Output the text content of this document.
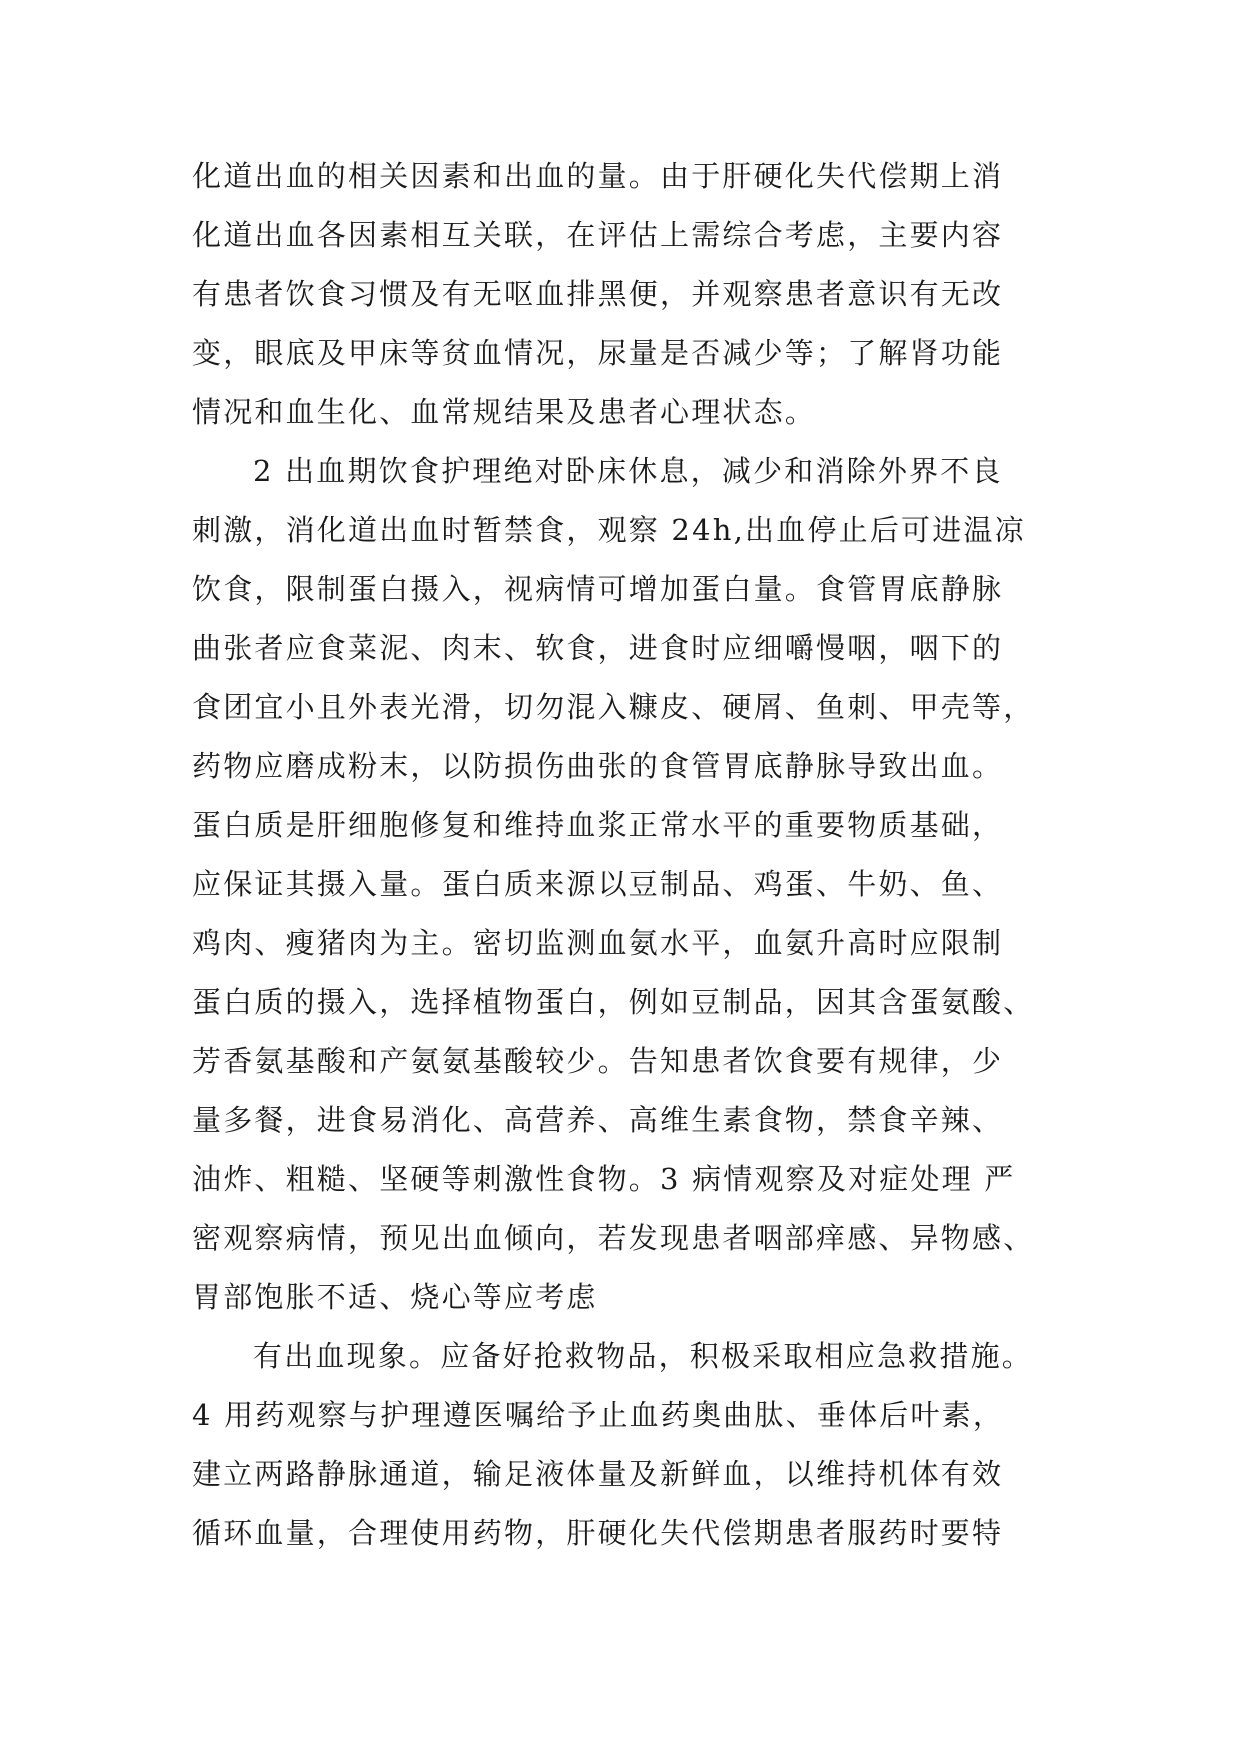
化道出血的相关因素和出血的量。由于肝硬化失代偿期上消
化道出血各因素相互关联，在评估上需综合考虑，主要内容
有患者饮食习惯及有无呕血排黑便，并观察患者意识有无改
变，眼底及甲床等贫血情况，尿量是否减少等；了解肾功能
情况和血生化、血常规结果及患者心理状态。
2 出血期饮食护理绝对卧床休息，减少和消除外界不良
刺激，消化道出血时暂禁食，观察 24h,出血停止后可进温凉
饮食，限制蛋白摄入，视病情可增加蛋白量。食管胃底静脉
曲张者应食菜泥、肉末、软食，进食时应细嚼慢咽，咽下的
食团宜小且外表光滑，切勿混入糠皮、硬屑、鱼刺、甲壳等，
药物应磨成粉末，以防损伤曲张的食管胃底静脉导致出血。
蛋白质是肝细胞修复和维持血浆正常水平的重要物质基础，
应保证其摄入量。蛋白质来源以豆制品、鸡蛋、牛奶、鱼、
鸡肉、瘦猪肉为主。密切监测血氨水平，血氨升高时应限制
蛋白质的摄入，选择植物蛋白，例如豆制品，因其含蛋氨酸、
芳香氨基酸和产氨氨基酸较少。告知患者饮食要有规律，少
量多餐，进食易消化、高营养、高维生素食物，禁食辛辣、
油炸、粗糙、坚硬等刺激性食物。3 病情观察及对症处理 严
密观察病情，预见出血倾向，若发现患者咽部痒感、异物感、
胃部饱胀不适、烧心等应考虑
有出血现象。应备好抢救物品，积极采取相应急救措施。
4 用药观察与护理遵医嘱给予止血药奥曲肽、垂体后叶素，
建立两路静脉通道，输足液体量及新鲜血，以维持机体有效
循环血量，合理使用药物，肝硬化失代偿期患者服药时要特
